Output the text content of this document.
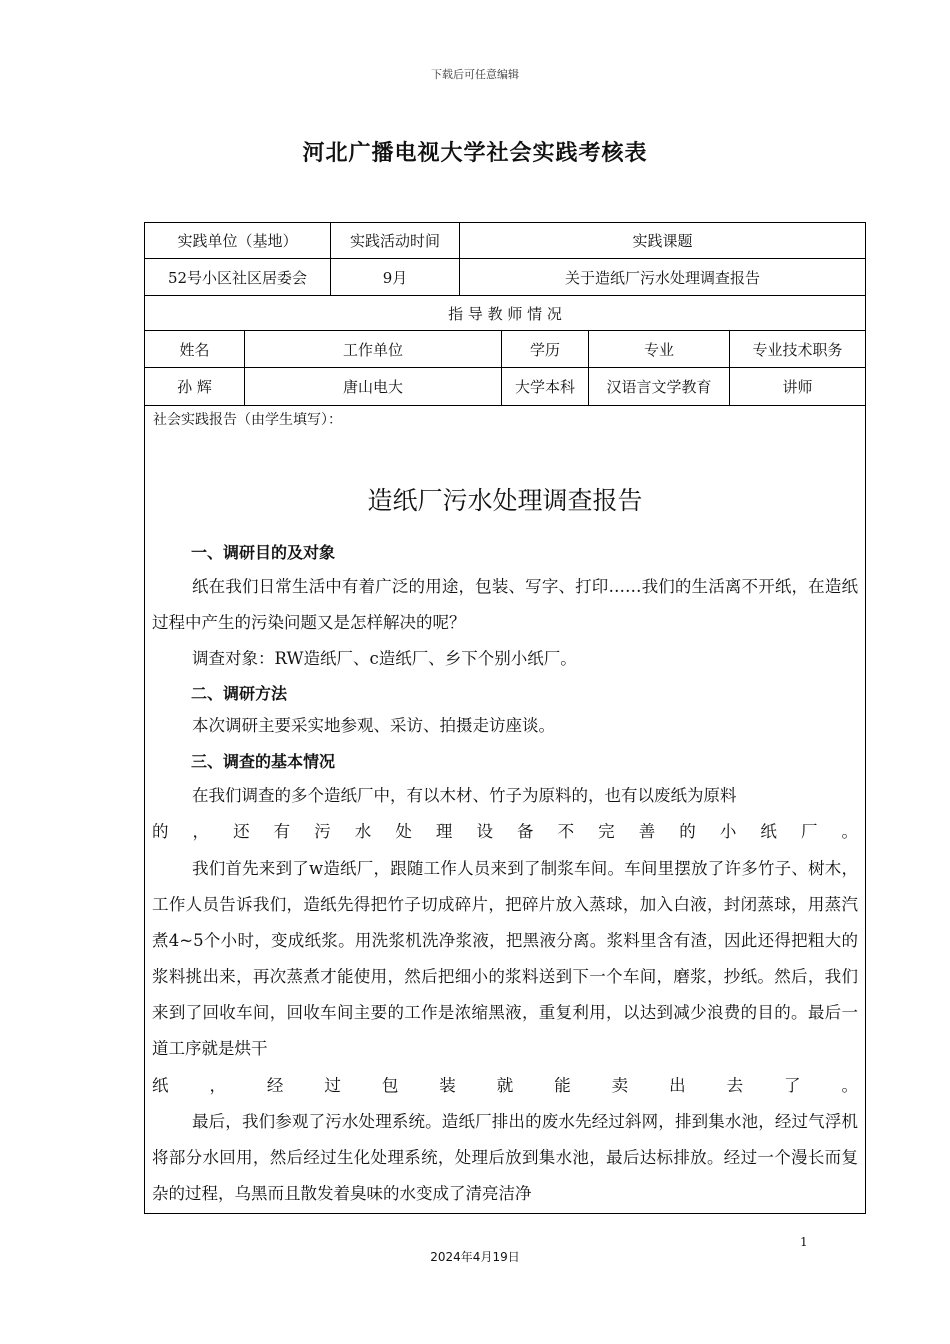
下载后可任意编辑
河北广播电视大学社会实践考核表
实践单位（基地）	实践活动时间	实践课题
52号小区社区居委会	9月	关于造纸厂污水处理调查报告
指 导 教 师 情 况
姓名	工作单位	学历	专业	专业技术职务
孙 辉	唐山电大	大学本科	汉语言文学教育	讲师
社会实践报告（由学生填写）：
造纸厂污水处理调查报告
一、调研目的及对象
纸在我们日常生活中有着广泛的用途，包装、写字、打印……我们的生活离不开纸，在造纸过程中产生的污染问题又是怎样解决的呢？
调查对象：RW造纸厂、c造纸厂、乡下个别小纸厂。
二、调研方法
本次调研主要采实地参观、采访、拍摄走访座谈。
三、调查的基本情况
在我们调查的多个造纸厂中，有以木材、竹子为原料的，也有以废纸为原料
的，还有污水处理设备不完善的小纸厂。
我们首先来到了w造纸厂，跟随工作人员来到了制浆车间。车间里摆放了许多竹子、树木，工作人员告诉我们，造纸先得把竹子切成碎片，把碎片放入蒸球，加入白液，封闭蒸球，用蒸汽煮4~5个小时，变成纸浆。用洗浆机洗净浆液，把黑液分离。浆料里含有渣，因此还得把粗大的浆料挑出来，再次蒸煮才能使用，然后把细小的浆料送到下一个车间，磨浆，抄纸。然后，我们来到了回收车间，回收车间主要的工作是浓缩黑液，重复利用，以达到减少浪费的目的。最后一道工序就是烘干
纸，经过包装就能卖出去了。
最后，我们参观了污水处理系统。造纸厂排出的废水先经过斜网，排到集水池，经过气浮机将部分水回用，然后经过生化处理系统，处理后放到集水池，最后达标排放。经过一个漫长而复杂的过程，乌黑而且散发着臭味的水变成了清亮洁净
1
2024年4月19日
